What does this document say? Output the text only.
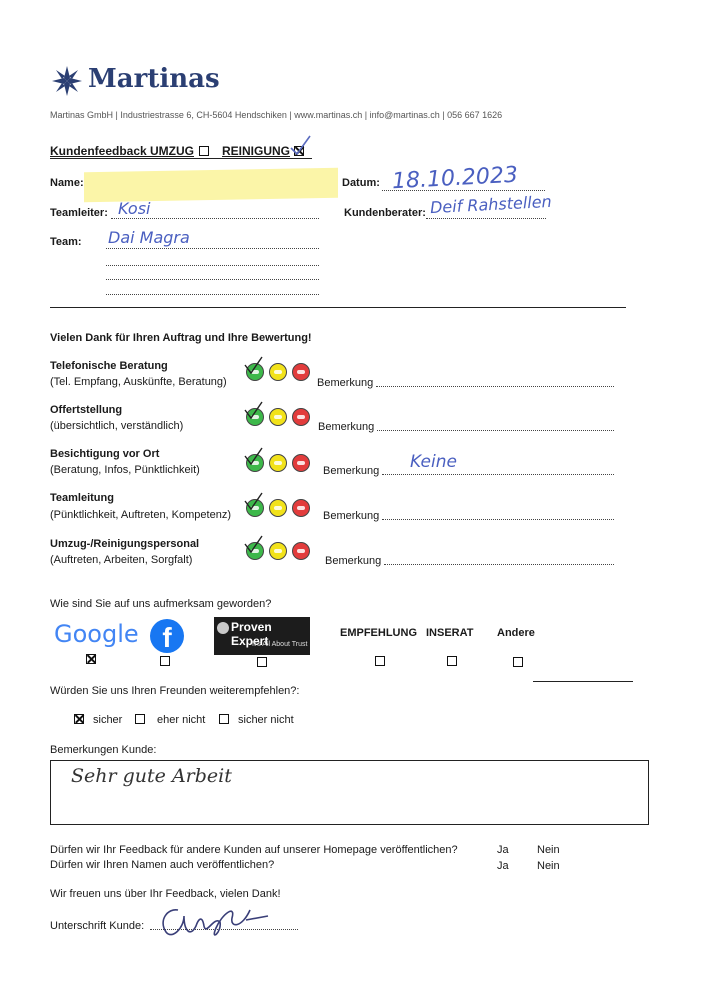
Martinas
Martinas GmbH | Industriestrasse 6, CH-5604 Hendschiken | www.martinas.ch | info@martinas.ch | 056 667 1626
Kundenfeedback UMZUG REINIGUNG
Name:	Datum: 18.10.2023
Teamleiter: Kosi	Kundenberater: Deif Rahstellen
Team: Dai Magra
Vielen Dank für Ihren Auftrag und Ihre Bewertung!
Telefonische Beratung
(Tel. Empfang, Auskünfte, Beratung)	Bemerkung
Offertstellung
(übersichtlich, verständlich)	Bemerkung
Besichtigung vor Ort
(Beratung, Infos, Pünktlichkeit)	Bemerkung Keine
Teamleitung
(Pünktlichkeit, Auftreten, Kompetenz)	Bemerkung
Umzug-/Reinigungspersonal
(Auftreten, Arbeiten, Sorgfalt)	Bemerkung
Wie sind Sie auf uns aufmerksam geworden?
Google f	Proven Expert
It's All About Trust
EMPFEHLUNG INSERAT Andere
Würden Sie uns Ihren Freunden weiterempfehlen?:
sicher	eher nicht	sicher nicht
Bemerkungen Kunde:
Sehr gute Arbeit
Dürfen wir Ihr Feedback für andere Kunden auf unserer Homepage veröffentlichen?	Ja	Nein
Dürfen wir Ihren Namen auch veröffentlichen?	Ja	Nein
Wir freuen uns über Ihr Feedback, vielen Dank!
Unterschrift Kunde:
